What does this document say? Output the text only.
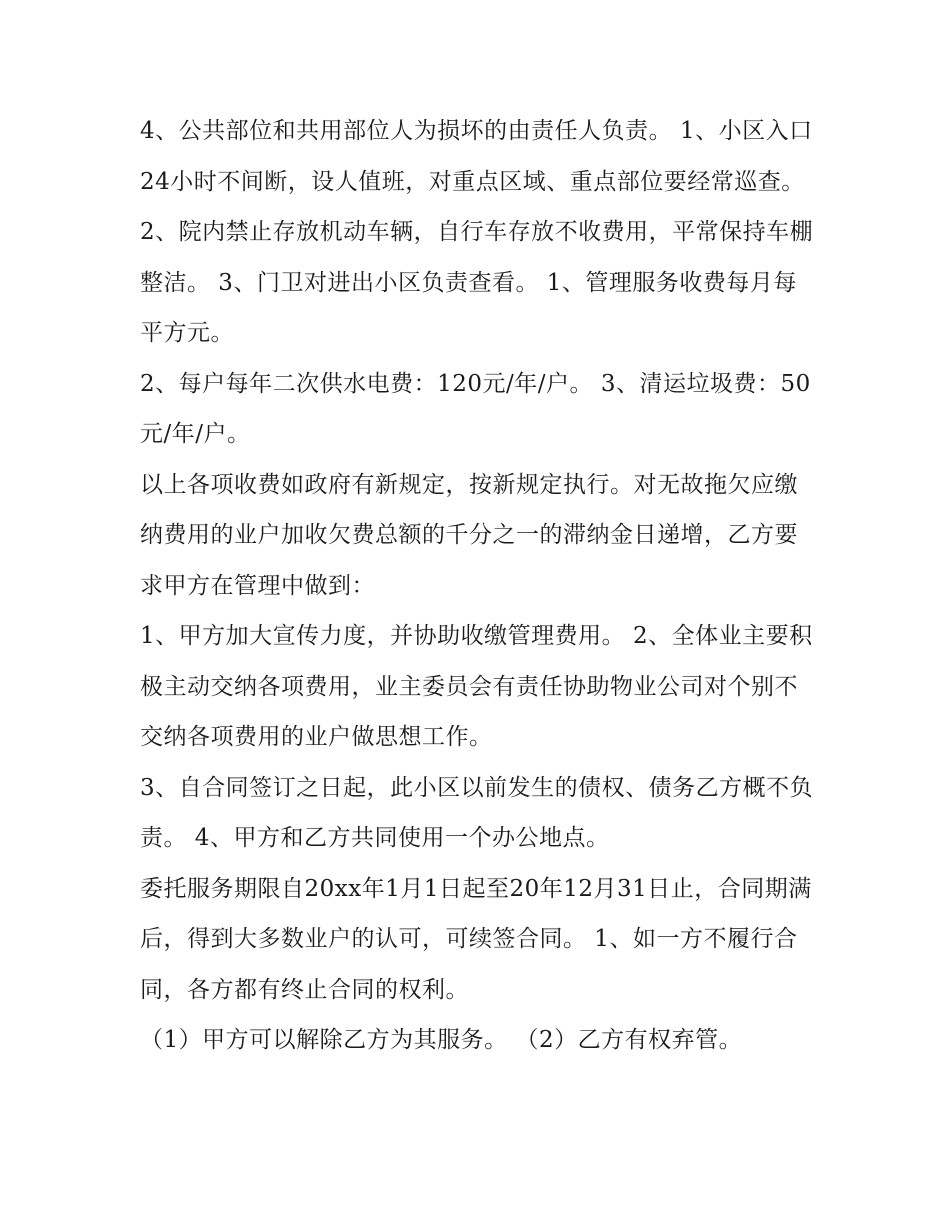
4、公共部位和共用部位人为损坏的由责任人负责。 1、小区入口24小时不间断，设人值班，对重点区域、重点部位要经常巡查。

2、院内禁止存放机动车辆，自行车存放不收费用，平常保持车棚整洁。 3、门卫对进出小区负责查看。 1、管理服务收费每月每平方元。

2、每户每年二次供水电费：120元/年/户。 3、清运垃圾费：50元/年/户。

以上各项收费如政府有新规定，按新规定执行。对无故拖欠应缴纳费用的业户加收欠费总额的千分之一的滞纳金日递增，乙方要求甲方在管理中做到：

1、甲方加大宣传力度，并协助收缴管理费用。 2、全体业主要积极主动交纳各项费用，业主委员会有责任协助物业公司对个别不交纳各项费用的业户做思想工作。

3、自合同签订之日起，此小区以前发生的债权、债务乙方概不负责。 4、甲方和乙方共同使用一个办公地点。

委托服务期限自20xx年1月1日起至20年12月31日止，合同期满后，得到大多数业户的认可，可续签合同。 1、如一方不履行合同，各方都有终止合同的权利。

（1）甲方可以解除乙方为其服务。 （2）乙方有权弃管。
